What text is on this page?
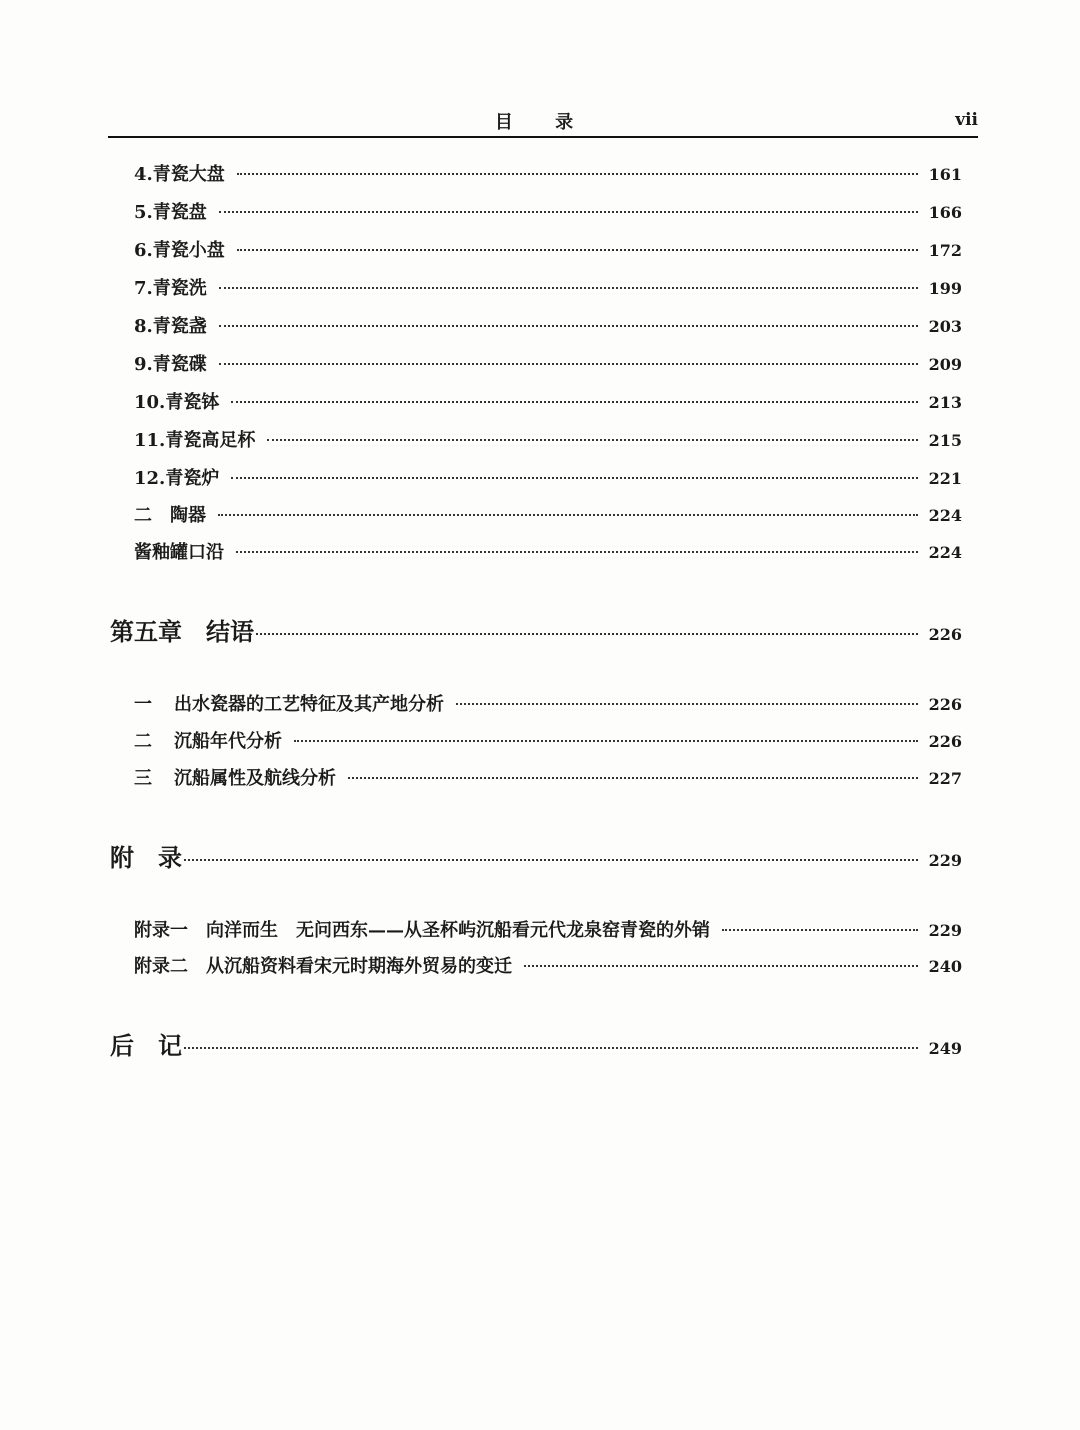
目 录	vii
4.青瓷大盘	161
5.青瓷盘	166
6.青瓷小盘	172
7.青瓷洗	199
8.青瓷盏	203
9.青瓷碟	209
10.青瓷钵	213
11.青瓷高足杯	215
12.青瓷炉	221
二　陶器	224
酱釉罐口沿	224
第五章　结语	226
一	出水瓷器的工艺特征及其产地分析	226
二	沉船年代分析	226
三	沉船属性及航线分析	227
附　录	229
附录一　向洋而生　无问西东——从圣杯屿沉船看元代龙泉窑青瓷的外销	229
附录二　从沉船资料看宋元时期海外贸易的变迁	240
后　记	249
